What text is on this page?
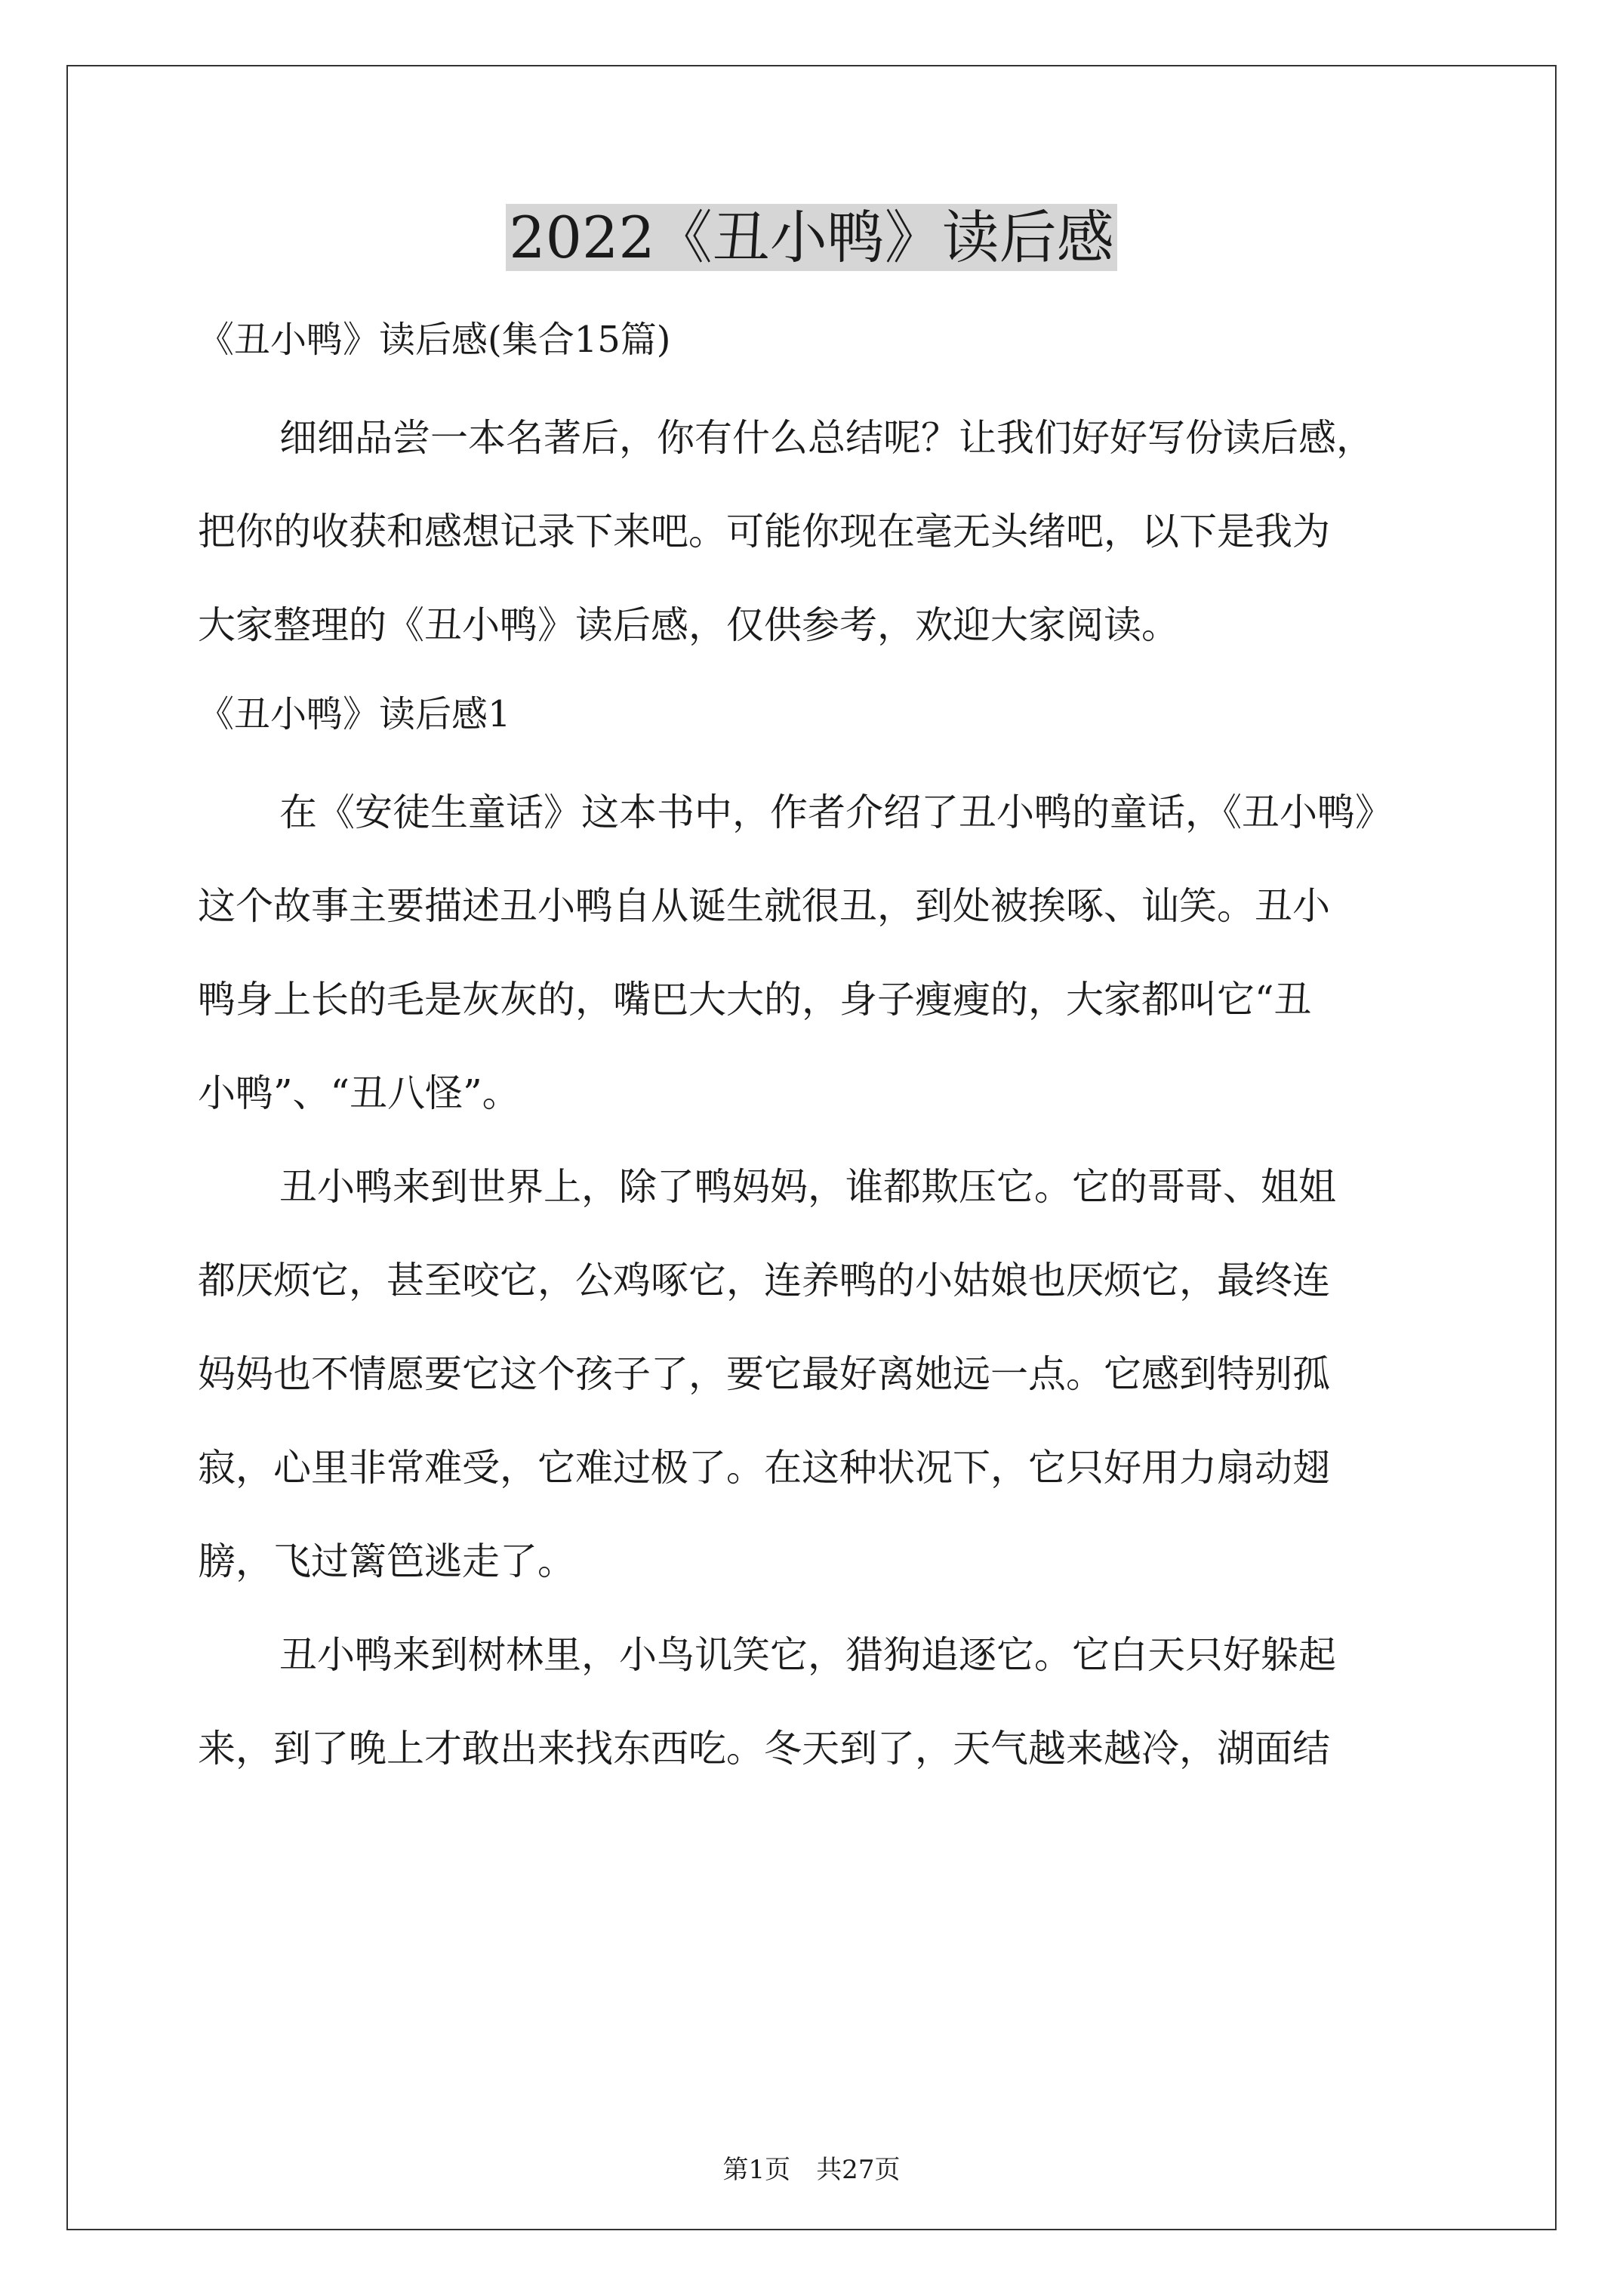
2022《丑小鸭》读后感
《丑小鸭》读后感(集合15篇)
细细品尝一本名著后，你有什么总结呢？让我们好好写份读后感，
把你的收获和感想记录下来吧。可能你现在毫无头绪吧，以下是我为
大家整理的《丑小鸭》读后感，仅供参考，欢迎大家阅读。
《丑小鸭》读后感1
在《安徒生童话》这本书中，作者介绍了丑小鸭的童话，《丑小鸭》
这个故事主要描述丑小鸭自从诞生就很丑，到处被挨啄、讪笑。丑小
鸭身上长的毛是灰灰的，嘴巴大大的，身子瘦瘦的，大家都叫它“丑
小鸭”、“丑八怪”。
丑小鸭来到世界上，除了鸭妈妈，谁都欺压它。它的哥哥、姐姐
都厌烦它，甚至咬它，公鸡啄它，连养鸭的小姑娘也厌烦它，最终连
妈妈也不情愿要它这个孩子了，要它最好离她远一点。它感到特别孤
寂，心里非常难受，它难过极了。在这种状况下，它只好用力扇动翅
膀，飞过篱笆逃走了。
丑小鸭来到树林里，小鸟讥笑它，猎狗追逐它。它白天只好躲起
来，到了晚上才敢出来找东西吃。冬天到了，天气越来越冷，湖面结
第1页 共27页
